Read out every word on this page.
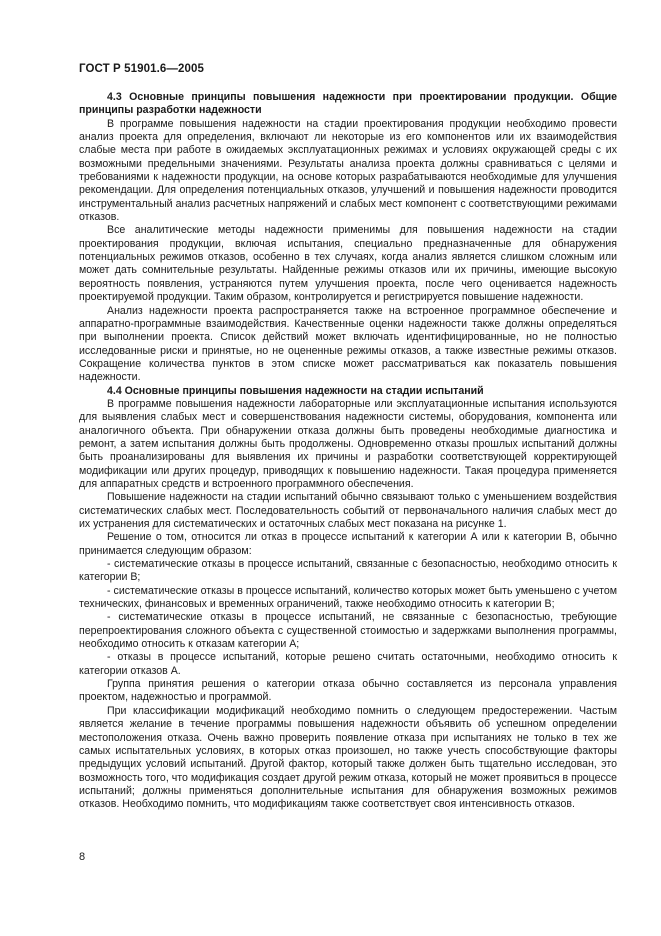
ГОСТ Р 51901.6—2005

4.3 Основные принципы повышения надежности при проектировании продукции. Общие принципы разработки надежности

В программе повышения надежности на стадии проектирования продукции необходимо провести анализ проекта для определения, включают ли некоторые из его компонентов или их взаимодействия слабые места при работе в ожидаемых эксплуатационных режимах и условиях окружающей среды с их возможными предельными значениями. Результаты анализа проекта должны сравниваться с целями и требованиями к надежности продукции, на основе которых разрабатываются необходимые для улучшения рекомендации. Для определения потенциальных отказов, улучшений и повышения надежности проводится инструментальный анализ расчетных напряжений и слабых мест компонент с соответствующими режимами отказов.

Все аналитические методы надежности применимы для повышения надежности на стадии проектирования продукции, включая испытания, специально предназначенные для обнаружения потенциальных режимов отказов, особенно в тех случаях, когда анализ является слишком сложным или может дать сомнительные результаты. Найденные режимы отказов или их причины, имеющие высокую вероятность появления, устраняются путем улучшения проекта, после чего оценивается надежность проектируемой продукции. Таким образом, контролируется и регистрируется повышение надежности.

Анализ надежности проекта распространяется также на встроенное программное обеспечение и аппаратно-программные взаимодействия. Качественные оценки надежности также должны определяться при выполнении проекта. Список действий может включать идентифицированные, но не полностью исследованные риски и принятые, но не оцененные режимы отказов, а также известные режимы отказов. Сокращение количества пунктов в этом списке может рассматриваться как показатель повышения надежности.

4.4 Основные принципы повышения надежности на стадии испытаний

В программе повышения надежности лабораторные или эксплуатационные испытания используются для выявления слабых мест и совершенствования надежности системы, оборудования, компонента или аналогичного объекта. При обнаружении отказа должны быть проведены необходимые диагностика и ремонт, а затем испытания должны быть продолжены. Одновременно отказы прошлых испытаний должны быть проанализированы для выявления их причины и разработки соответствующей корректирующей модификации или других процедур, приводящих к повышению надежности. Такая процедура применяется для аппаратных средств и встроенного программного обеспечения.

Повышение надежности на стадии испытаний обычно связывают только с уменьшением воздействия систематических слабых мест. Последовательность событий от первоначального наличия слабых мест до их устранения для систематических и остаточных слабых мест показана на рисунке 1.

Решение о том, относится ли отказ в процессе испытаний к категории А или к категории В, обычно принимается следующим образом:

- систематические отказы в процессе испытаний, связанные с безопасностью, необходимо относить к категории В;

- систематические отказы в процессе испытаний, количество которых может быть уменьшено с учетом технических, финансовых и временных ограничений, также необходимо относить к категории В;

- систематические отказы в процессе испытаний, не связанные с безопасностью, требующие перепроектирования сложного объекта с существенной стоимостью и задержками выполнения программы, необходимо относить к отказам категории А;

- отказы в процессе испытаний, которые решено считать остаточными, необходимо относить к категории отказов А.

Группа принятия решения о категории отказа обычно составляется из персонала управления проектом, надежностью и программой.

При классификации модификаций необходимо помнить о следующем предостережении. Частым является желание в течение программы повышения надежности объявить об успешном определении местоположения отказа. Очень важно проверить появление отказа при испытаниях не только в тех же самых испытательных условиях, в которых отказ произошел, но также учесть способствующие факторы предыдущих условий испытаний. Другой фактор, который также должен быть тщательно исследован, это возможность того, что модификация создает другой режим отказа, который не может проявиться в процессе испытаний; должны применяться дополнительные испытания для обнаружения возможных режимов отказов. Необходимо помнить, что модификациям также соответствует своя интенсивность отказов.

8
